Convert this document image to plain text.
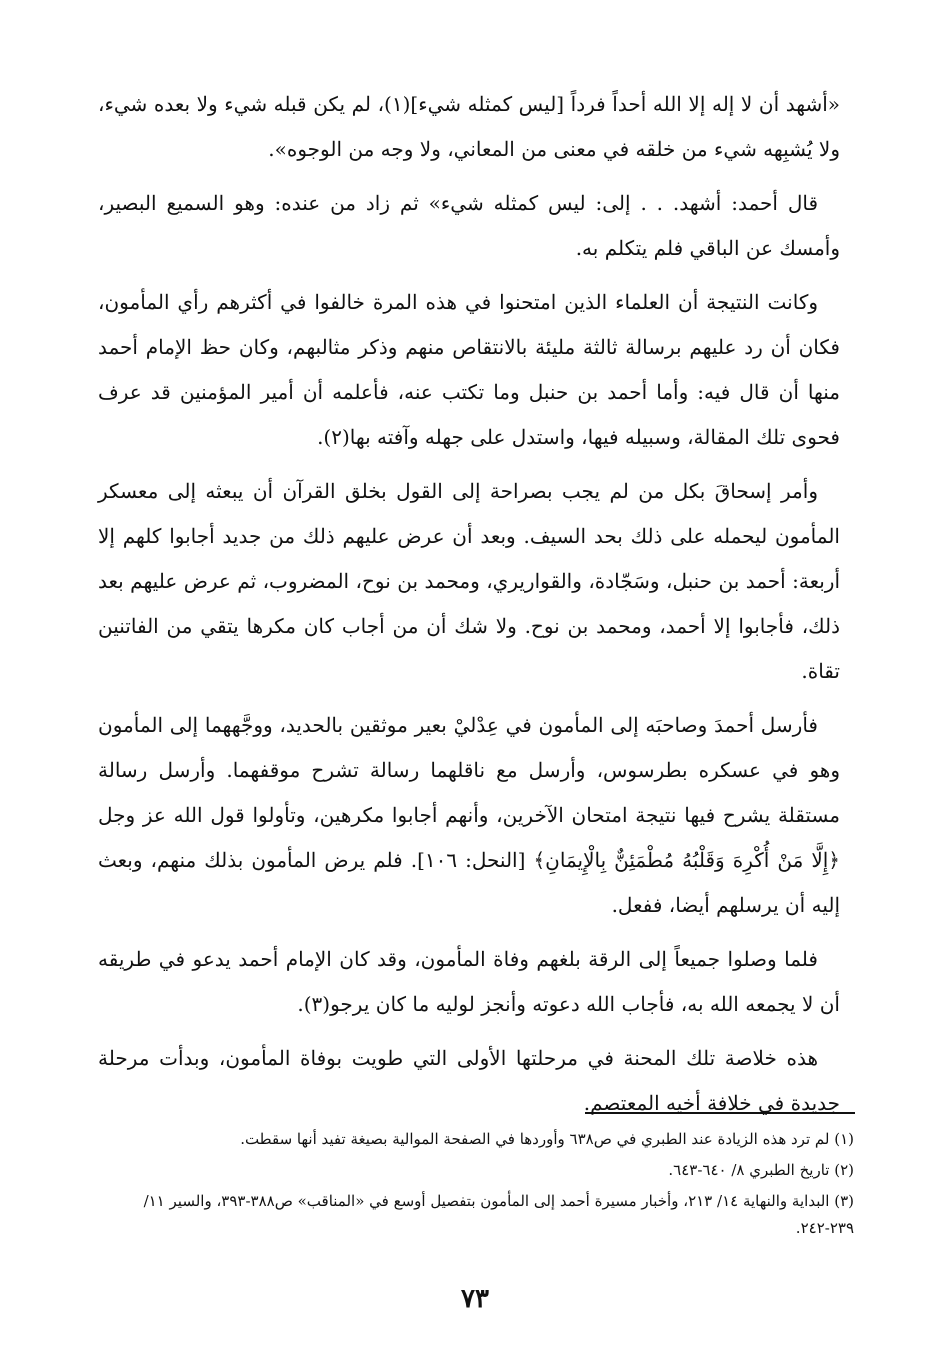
«أشهد أن لا إله إلا الله أحداً فرداً [ليس كمثله شيء](١)، لم يكن قبله شيء ولا بعده شيء، ولا يُشبِهه شيء من خلقه في معنى من المعاني، ولا وجه من الوجوه».

قال أحمد: أشهد. . . إلى: ليس كمثله شيء» ثم زاد من عنده: وهو السميع البصير، وأمسك عن الباقي فلم يتكلم به.

وكانت النتيجة أن العلماء الذين امتحنوا في هذه المرة خالفوا في أكثرهم رأي المأمون، فكان أن رد عليهم برسالة ثالثة مليئة بالانتقاص منهم وذكر مثالبهم، وكان حظ الإمام أحمد منها أن قال فيه: وأما أحمد بن حنبل وما تكتب عنه، فأعلمه أن أمير المؤمنين قد عرف فحوى تلك المقالة، وسبيله فيها، واستدل على جهله وآفته بها(٢).

وأمر إسحاقَ بكل من لم يجب بصراحة إلى القول بخلق القرآن أن يبعثه إلى معسكر المأمون ليحمله على ذلك بحد السيف. وبعد أن عرض عليهم ذلك من جديد أجابوا كلهم إلا أربعة: أحمد بن حنبل، وسَجّادة، والقواريري، ومحمد بن نوح، المضروب، ثم عرض عليهم بعد ذلك، فأجابوا إلا أحمد، ومحمد بن نوح. ولا شك أن من أجاب كان مكرها يتقي من الفاتنين تقاة.

فأرسل أحمدَ وصاحبَه إلى المأمون في عِدْليْ بعير موثقين بالحديد، ووجَّههما إلى المأمون وهو في عسكره بطرسوس، وأرسل مع ناقلهما رسالة تشرح موقفهما. وأرسل رسالة مستقلة يشرح فيها نتيجة امتحان الآخرين، وأنهم أجابوا مكرهين، وتأولوا قول الله عز وجل ﴿إِلَّا مَنْ أُكْرِهَ وَقَلْبُهُ مُطْمَئِنٌّ بِالْإِيمَانِ﴾ [النحل: ١٠٦]. فلم يرض المأمون بذلك منهم، وبعث إليه أن يرسلهم أيضا، ففعل.

فلما وصلوا جميعاً إلى الرقة بلغهم وفاة المأمون، وقد كان الإمام أحمد يدعو في طريقه أن لا يجمعه الله به، فأجاب الله دعوته وأنجز لوليه ما كان يرجو(٣).

هذه خلاصة تلك المحنة في مرحلتها الأولى التي طويت بوفاة المأمون، وبدأت مرحلة جديدة في خلافة أخيه المعتصم.

(١) لم ترد هذه الزيادة عند الطبري في ص٦٣٨ وأوردها في الصفحة الموالية بصيغة تفيد أنها سقطت.

(٢) تاريخ الطبري ٨/ ٦٤٠-٦٤٣.

(٣) البداية والنهاية ١٤/ ٢١٣، وأخبار مسيرة أحمد إلى المأمون بتفصيل أوسع في «المناقب» ص٣٨٨-٣٩٣، والسير ١١/ ٢٣٩-٢٤٢.

٧٣
